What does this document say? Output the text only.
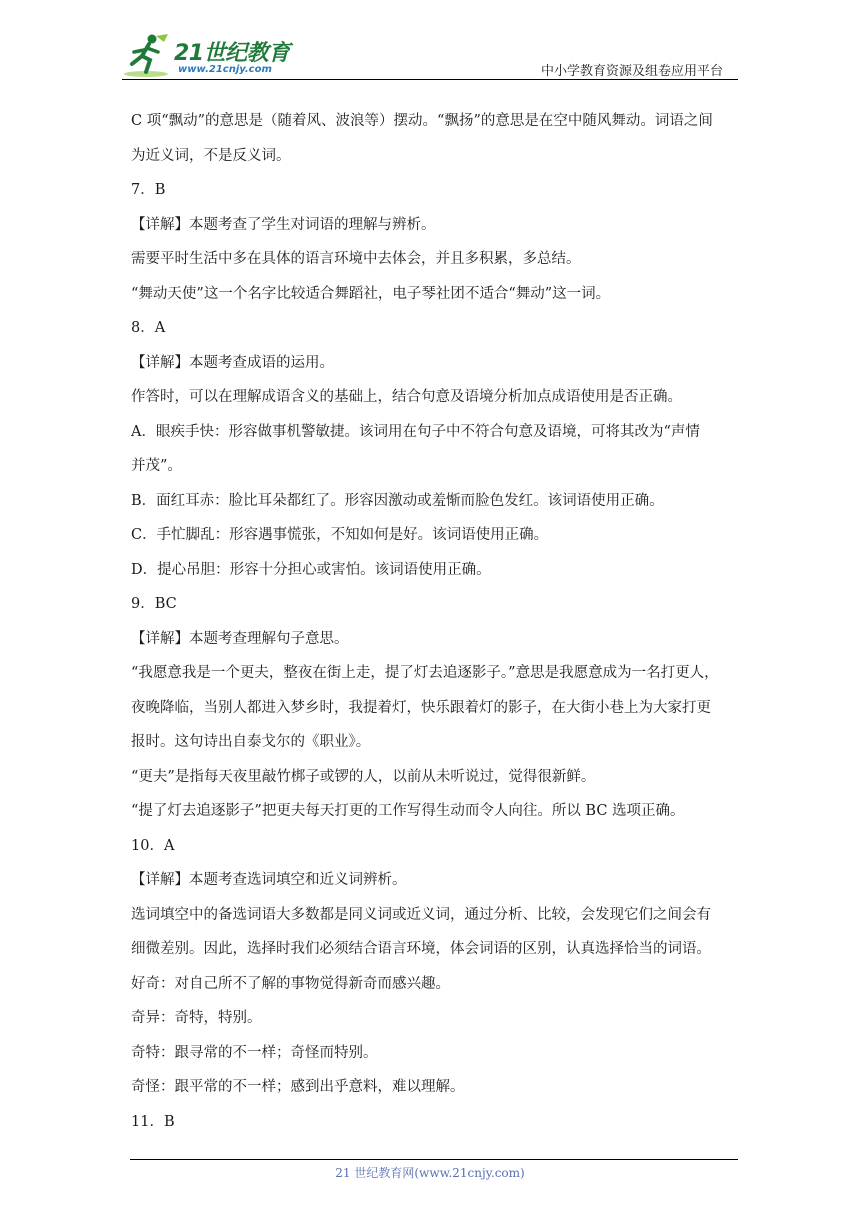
21世纪教育
www.21cnjy.com	中小学教育资源及组卷应用平台
C 项“飘动”的意思是（随着风、波浪等）摆动。“飘扬”的意思是在空中随风舞动。词语之间
为近义词，不是反义词。
7．B
【详解】本题考查了学生对词语的理解与辨析。
需要平时生活中多在具体的语言环境中去体会，并且多积累，多总结。
“舞动天使”这一个名字比较适合舞蹈社，电子琴社团不适合“舞动”这一词。
8．A
【详解】本题考查成语的运用。
作答时，可以在理解成语含义的基础上，结合句意及语境分析加点成语使用是否正确。
A．眼疾手快：形容做事机警敏捷。该词用在句子中不符合句意及语境，可将其改为“声情
并茂”。
B．面红耳赤：脸比耳朵都红了。形容因激动或羞惭而脸色发红。该词语使用正确。
C．手忙脚乱：形容遇事慌张，不知如何是好。该词语使用正确。
D．提心吊胆：形容十分担心或害怕。该词语使用正确。
9．BC
【详解】本题考查理解句子意思。
“我愿意我是一个更夫，整夜在街上走，提了灯去追逐影子。”意思是我愿意成为一名打更人，
夜晚降临，当别人都进入梦乡时，我提着灯，快乐跟着灯的影子，在大街小巷上为大家打更
报时。这句诗出自泰戈尔的《职业》。
“更夫”是指每天夜里敲竹梆子或锣的人，以前从未听说过，觉得很新鲜。
“提了灯去追逐影子”把更夫每天打更的工作写得生动而令人向往。所以 BC 选项正确。
10．A
【详解】本题考查选词填空和近义词辨析。
选词填空中的备选词语大多数都是同义词或近义词，通过分析、比较，会发现它们之间会有
细微差别。因此，选择时我们必须结合语言环境，体会词语的区别，认真选择恰当的词语。
好奇：对自己所不了解的事物觉得新奇而感兴趣。
奇异：奇特，特别。
奇特：跟寻常的不一样；奇怪而特别。
奇怪：跟平常的不一样；感到出乎意料，难以理解。
11．B
21 世纪教育网(www.21cnjy.com)
